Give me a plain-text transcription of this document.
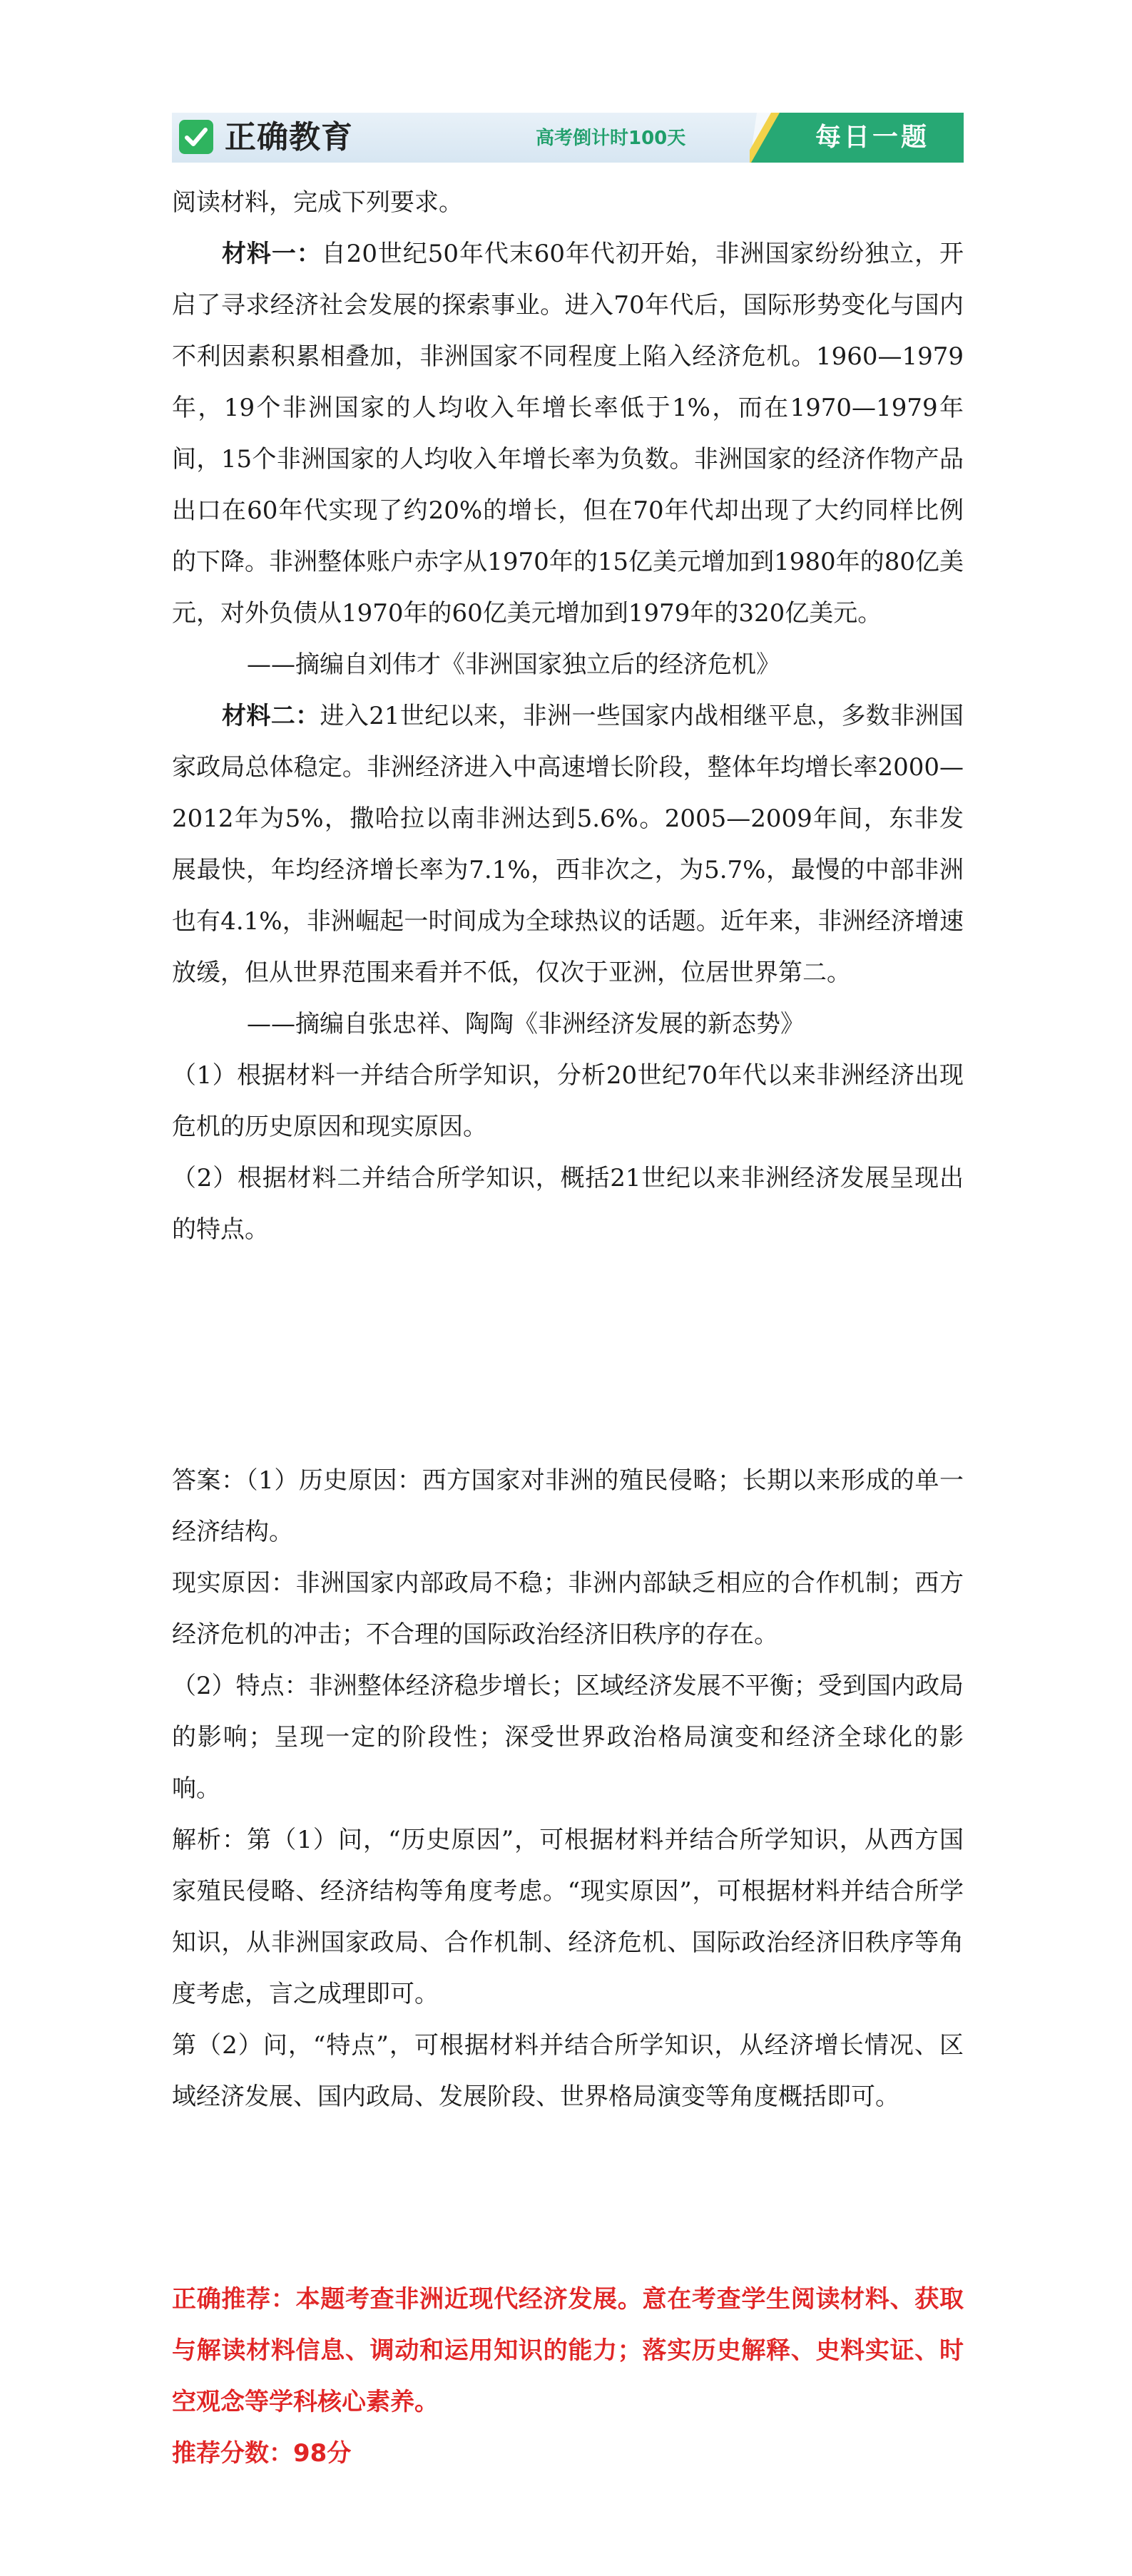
正确教育	高考倒计时100天	每日一题

阅读材料，完成下列要求。

材料一：自20世纪50年代末60年代初开始，非洲国家纷纷独立，开启了寻求经济社会发展的探索事业。进入70年代后，国际形势变化与国内不利因素积累相叠加，非洲国家不同程度上陷入经济危机。1960—1979年，19个非洲国家的人均收入年增长率低于1%，而在1970—1979年间，15个非洲国家的人均收入年增长率为负数。非洲国家的经济作物产品出口在60年代实现了约20%的增长，但在70年代却出现了大约同样比例的下降。非洲整体账户赤字从1970年的15亿美元增加到1980年的80亿美元，对外负债从1970年的60亿美元增加到1979年的320亿美元。

——摘编自刘伟才《非洲国家独立后的经济危机》

材料二：进入21世纪以来，非洲一些国家内战相继平息，多数非洲国家政局总体稳定。非洲经济进入中高速增长阶段，整体年均增长率2000—2012年为5%，撒哈拉以南非洲达到5.6%。2005—2009年间，东非发展最快，年均经济增长率为7.1%，西非次之，为5.7%，最慢的中部非洲也有4.1%，非洲崛起一时间成为全球热议的话题。近年来，非洲经济增速放缓，但从世界范围来看并不低，仅次于亚洲，位居世界第二。

——摘编自张忠祥、陶陶《非洲经济发展的新态势》

（1）根据材料一并结合所学知识，分析20世纪70年代以来非洲经济出现危机的历史原因和现实原因。

（2）根据材料二并结合所学知识，概括21世纪以来非洲经济发展呈现出的特点。

答案：（1）历史原因：西方国家对非洲的殖民侵略；长期以来形成的单一经济结构。

现实原因：非洲国家内部政局不稳；非洲内部缺乏相应的合作机制；西方经济危机的冲击；不合理的国际政治经济旧秩序的存在。

（2）特点：非洲整体经济稳步增长；区域经济发展不平衡；受到国内政局的影响；呈现一定的阶段性；深受世界政治格局演变和经济全球化的影响。

解析：第（1）问，“历史原因”，可根据材料并结合所学知识，从西方国家殖民侵略、经济结构等角度考虑。“现实原因”，可根据材料并结合所学知识，从非洲国家政局、合作机制、经济危机、国际政治经济旧秩序等角度考虑，言之成理即可。

第（2）问，“特点”，可根据材料并结合所学知识，从经济增长情况、区域经济发展、国内政局、发展阶段、世界格局演变等角度概括即可。

正确推荐：本题考查非洲近现代经济发展。意在考查学生阅读材料、获取与解读材料信息、调动和运用知识的能力；落实历史解释、史料实证、时空观念等学科核心素养。

推荐分数：98分
